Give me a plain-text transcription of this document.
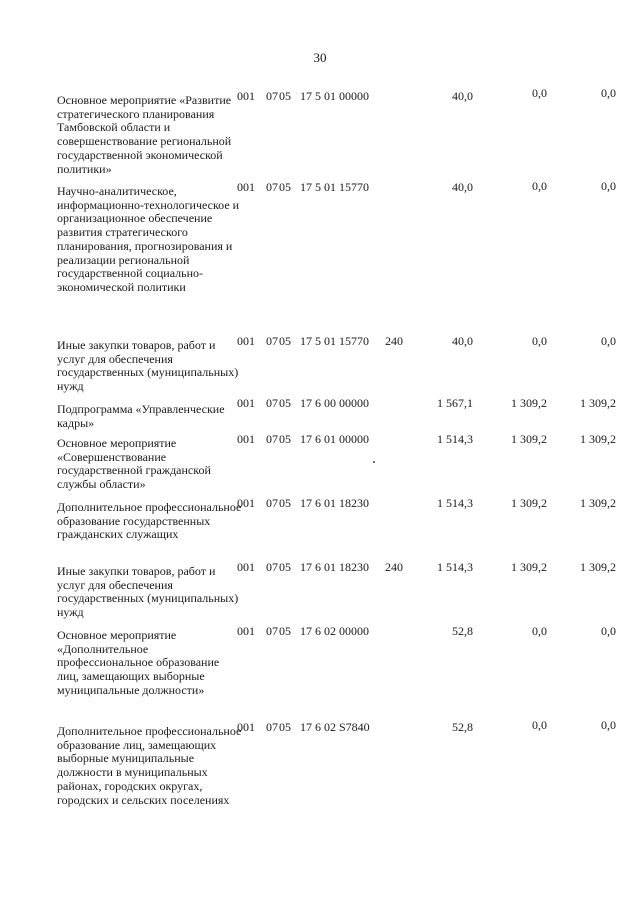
30
Основное мероприятие «Развитие стратегического планирования Тамбовской области и совершенствование региональной государственной экономической политики»
001 07 05 17 5 01 00000	40,0	0,0	0,0
Научно-аналитическое, информационно-технологическое и организационное обеспечение развития стратегического планирования, прогнозирования и реализации региональной государственной социально-экономической политики
001 07 05 17 5 01 15770	40,0	0,0	0,0
Иные закупки товаров, работ и услуг для обеспечения государственных (муниципальных) нужд
001 07 05 17 5 01 15770 240	40,0	0,0	0,0
Подпрограмма «Управленческие кадры»
001 07 05 17 6 00 00000	1 567,1	1 309,2	1 309,2
Основное мероприятие «Совершенствование государственной гражданской службы области»
001 07 05 17 6 01 00000	1 514,3	1 309,2	1 309,2
Дополнительное профессиональное образование государственных гражданских служащих
001 07 05 17 6 01 18230	1 514,3	1 309,2	1 309,2
Иные закупки товаров, работ и услуг для обеспечения государственных (муниципальных) нужд
001 07 05 17 6 01 18230 240	1 514,3	1 309,2	1 309,2
Основное мероприятие «Дополнительное профессиональное образование лиц, замещающих выборные муниципальные должности»
001 07 05 17 6 02 00000	52,8	0,0	0,0
Дополнительное профессиональное образование лиц, замещающих выборные муниципальные должности в муниципальных районах, городских округах, городских и сельских поселениях
001 07 05 17 6 02 S7840	52,8	0,0	0,0
